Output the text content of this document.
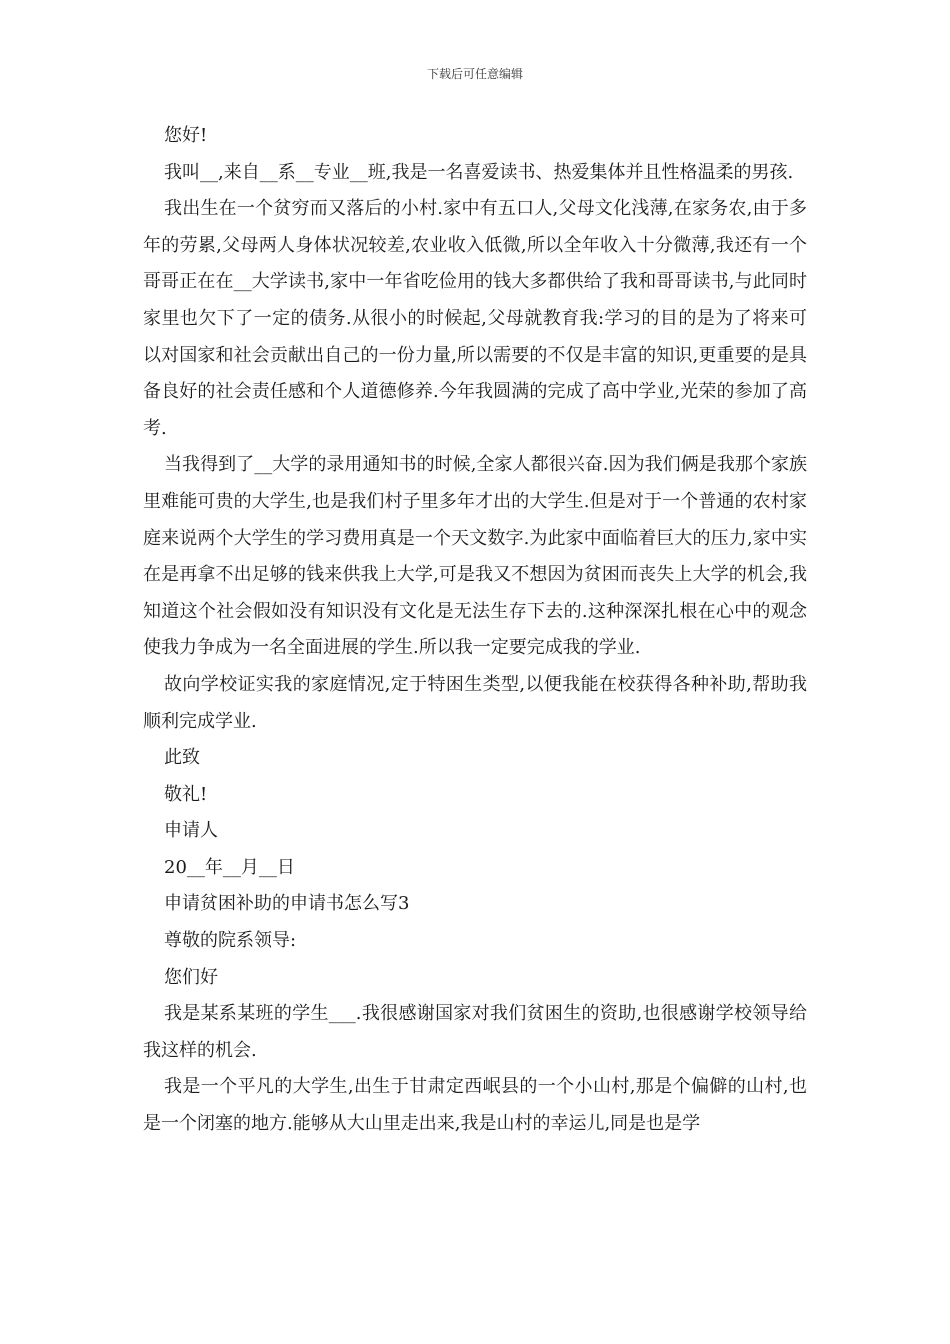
下载后可任意编辑

您好!

我叫__,来自__系__专业__班,我是一名喜爱读书、热爱集体并且性格温柔的男孩.

我出生在一个贫穷而又落后的小村.家中有五口人,父母文化浅薄,在家务农,由于多年的劳累,父母两人身体状况较差,农业收入低微,所以全年收入十分微薄,我还有一个哥哥正在在__大学读书,家中一年省吃俭用的钱大多都供给了我和哥哥读书,与此同时家里也欠下了一定的债务.从很小的时候起,父母就教育我:学习的目的是为了将来可以对国家和社会贡献出自己的一份力量,所以需要的不仅是丰富的知识,更重要的是具备良好的社会责任感和个人道德修养.今年我圆满的完成了高中学业,光荣的参加了高考.

当我得到了__大学的录用通知书的时候,全家人都很兴奋.因为我们俩是我那个家族里难能可贵的大学生,也是我们村子里多年才出的大学生.但是对于一个普通的农村家庭来说两个大学生的学习费用真是一个天文数字.为此家中面临着巨大的压力,家中实在是再拿不出足够的钱来供我上大学,可是我又不想因为贫困而丧失上大学的机会,我知道这个社会假如没有知识没有文化是无法生存下去的.这种深深扎根在心中的观念使我力争成为一名全面进展的学生.所以我一定要完成我的学业.

故向学校证实我的家庭情况,定于特困生类型,以便我能在校获得各种补助,帮助我顺利完成学业.

此致

敬礼!

申请人

20__年__月__日

申请贫困补助的申请书怎么写3

尊敬的院系领导:

您们好

我是某系某班的学生___.我很感谢国家对我们贫困生的资助,也很感谢学校领导给我这样的机会.

我是一个平凡的大学生,出生于甘肃定西岷县的一个小山村,那是个偏僻的山村,也是一个闭塞的地方.能够从大山里走出来,我是山村的幸运儿,同是也是学
